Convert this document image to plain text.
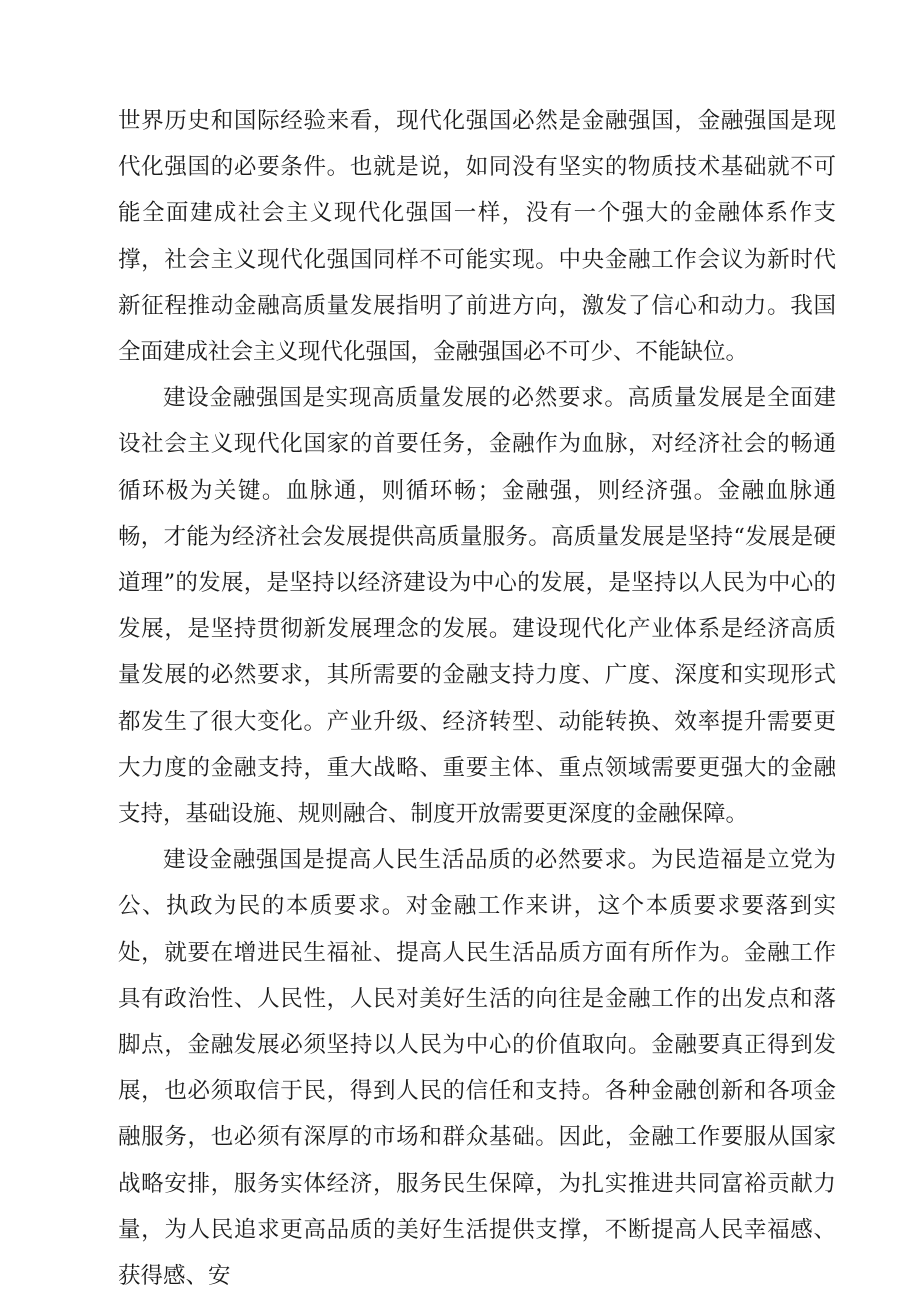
世界历史和国际经验来看，现代化强国必然是金融强国，金融强国是现代化强国的必要条件。也就是说，如同没有坚实的物质技术基础就不可能全面建成社会主义现代化强国一样，没有一个强大的金融体系作支撑，社会主义现代化强国同样不可能实现。中央金融工作会议为新时代新征程推动金融高质量发展指明了前进方向，激发了信心和动力。我国全面建成社会主义现代化强国，金融强国必不可少、不能缺位。

建设金融强国是实现高质量发展的必然要求。高质量发展是全面建设社会主义现代化国家的首要任务，金融作为血脉，对经济社会的畅通循环极为关键。血脉通，则循环畅；金融强，则经济强。金融血脉通畅，才能为经济社会发展提供高质量服务。高质量发展是坚持“发展是硬道理”的发展，是坚持以经济建设为中心的发展，是坚持以人民为中心的发展，是坚持贯彻新发展理念的发展。建设现代化产业体系是经济高质量发展的必然要求，其所需要的金融支持力度、广度、深度和实现形式都发生了很大变化。产业升级、经济转型、动能转换、效率提升需要更大力度的金融支持，重大战略、重要主体、重点领域需要更强大的金融支持，基础设施、规则融合、制度开放需要更深度的金融保障。

建设金融强国是提高人民生活品质的必然要求。为民造福是立党为公、执政为民的本质要求。对金融工作来讲，这个本质要求要落到实处，就要在增进民生福祉、提高人民生活品质方面有所作为。金融工作具有政治性、人民性，人民对美好生活的向往是金融工作的出发点和落脚点，金融发展必须坚持以人民为中心的价值取向。金融要真正得到发展，也必须取信于民，得到人民的信任和支持。各种金融创新和各项金融服务，也必须有深厚的市场和群众基础。因此，金融工作要服从国家战略安排，服务实体经济，服务民生保障，为扎实推进共同富裕贡献力量，为人民追求更高品质的美好生活提供支撑，不断提高人民幸福感、获得感、安
